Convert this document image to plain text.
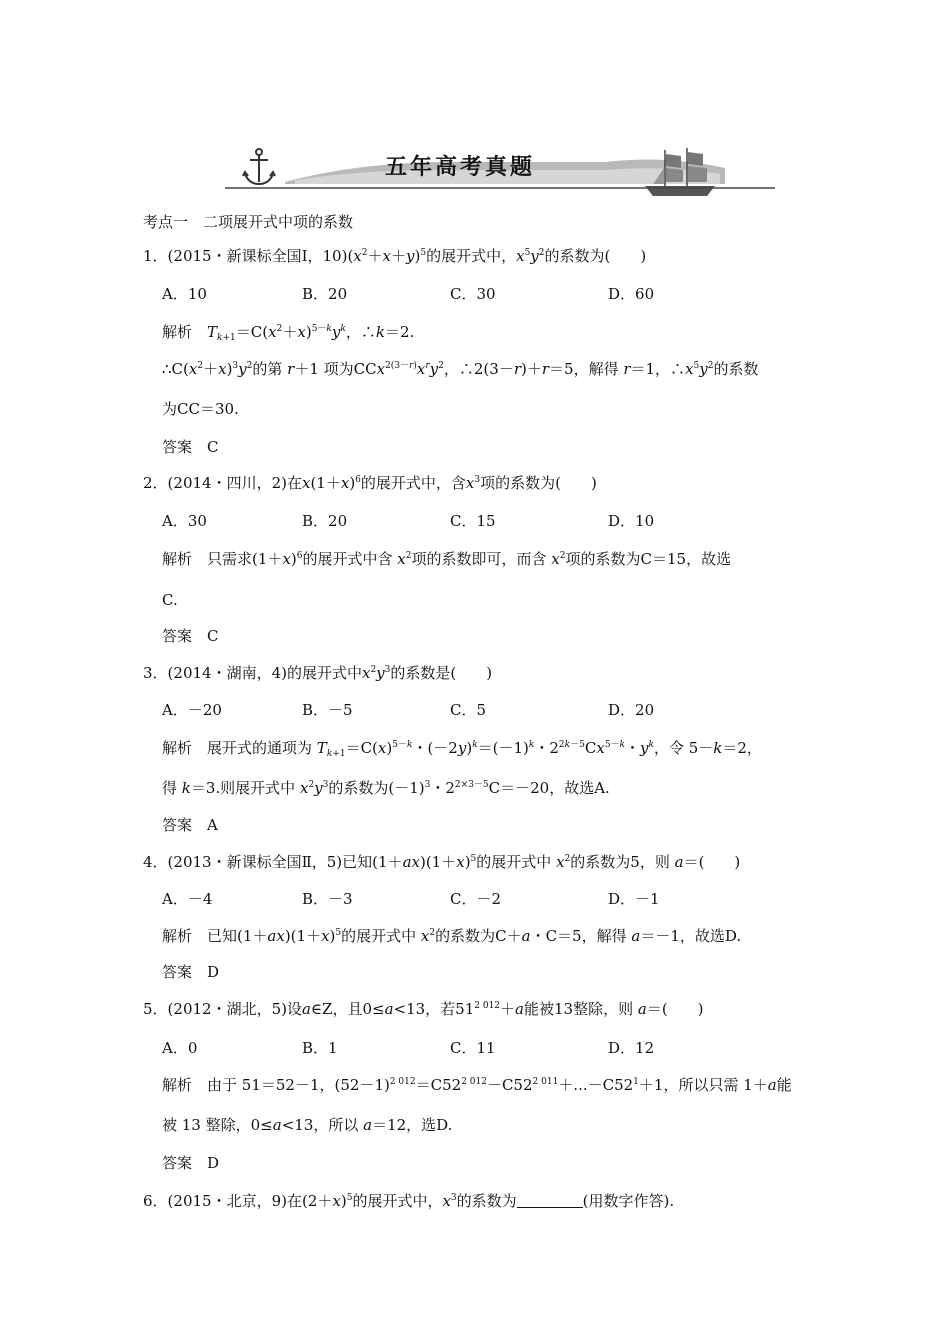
五年高考真题
考点一　二项展开式中项的系数
1．(2015・新课标全国Ⅰ，$10)(x^2+x+y)^5$的展开式中，$x^5y^2$的系数为(　　)
A．10	B．20	C．30	D．60
解析　 $T_{k+1}=C(x^2+x)^{5-k}y^k$，∴k＝2.
$\therefore C(x^2+x)^3y^2$的第 r＋1 项为$CCx^{2(3-r)}x^ry^2$，∴2(3－r)＋r＝5，解得 r＝1，$\therefore x^5y^2$的系数
为CC＝30.
答案　C
2．(2014・四川，2)在$x(1+x)^6$的展开式中，含$x^3$项的系数为(　　)
A．30	B．20	C．15	D．10
解析　 只需求$(1+x)^6$的展开式中含 $x^2$项的系数即可，而含 $x^2$项的系数为C＝15，故选
C.
答案　C
3．(2014・湖南，4)的展开式中$x^2y^3$的系数是(　　)
A．－20	B．－5	C．5	D．20
解析　展开式的通项为 $T_{k+1}=C(x)^{5-k}$・$(-2y)^k=(-1)^k$・$2^{2k-5}Cx^{5-k}$・$y^k$，令 5－k＝2，
得 k＝3.则展开式中 $x^2y^3$的系数为$(-1)^3$・$2^{2\times 3-5}C=-20$，故选A.
答案　A
4．(2013・新课标全国Ⅱ，5)已知$(1+ax)(1+x)^5$的展开式中 $x^2$的系数为5，则 a＝(　　)
A．－4	B．－3	C．－2	D．－1
解析　已知$(1+ax)(1+x)^5$的展开式中 $x^2$的系数为C＋a・C＝5，解得 a＝－1，故选D.
答案　D
5．(2012・湖北，5)设a∈Z，且0≤a<13，若$51^{2 012}+a$能被13整除，则 a＝(　　)
A．0	B．1	C．11	D．12
解析　由于 51＝52－1，$(52-1)^{2 012}=C52^{2 012}-C52^{2 011}+...-C52^1+1$，所以只需 1＋a能
被 13 整除，0≤a<13，所以 a＝12，选D.
答案　D
6．(2015・北京，9)在$(2+x)^5$的展开式中，$x^3$的系数为	(用数字作答).
